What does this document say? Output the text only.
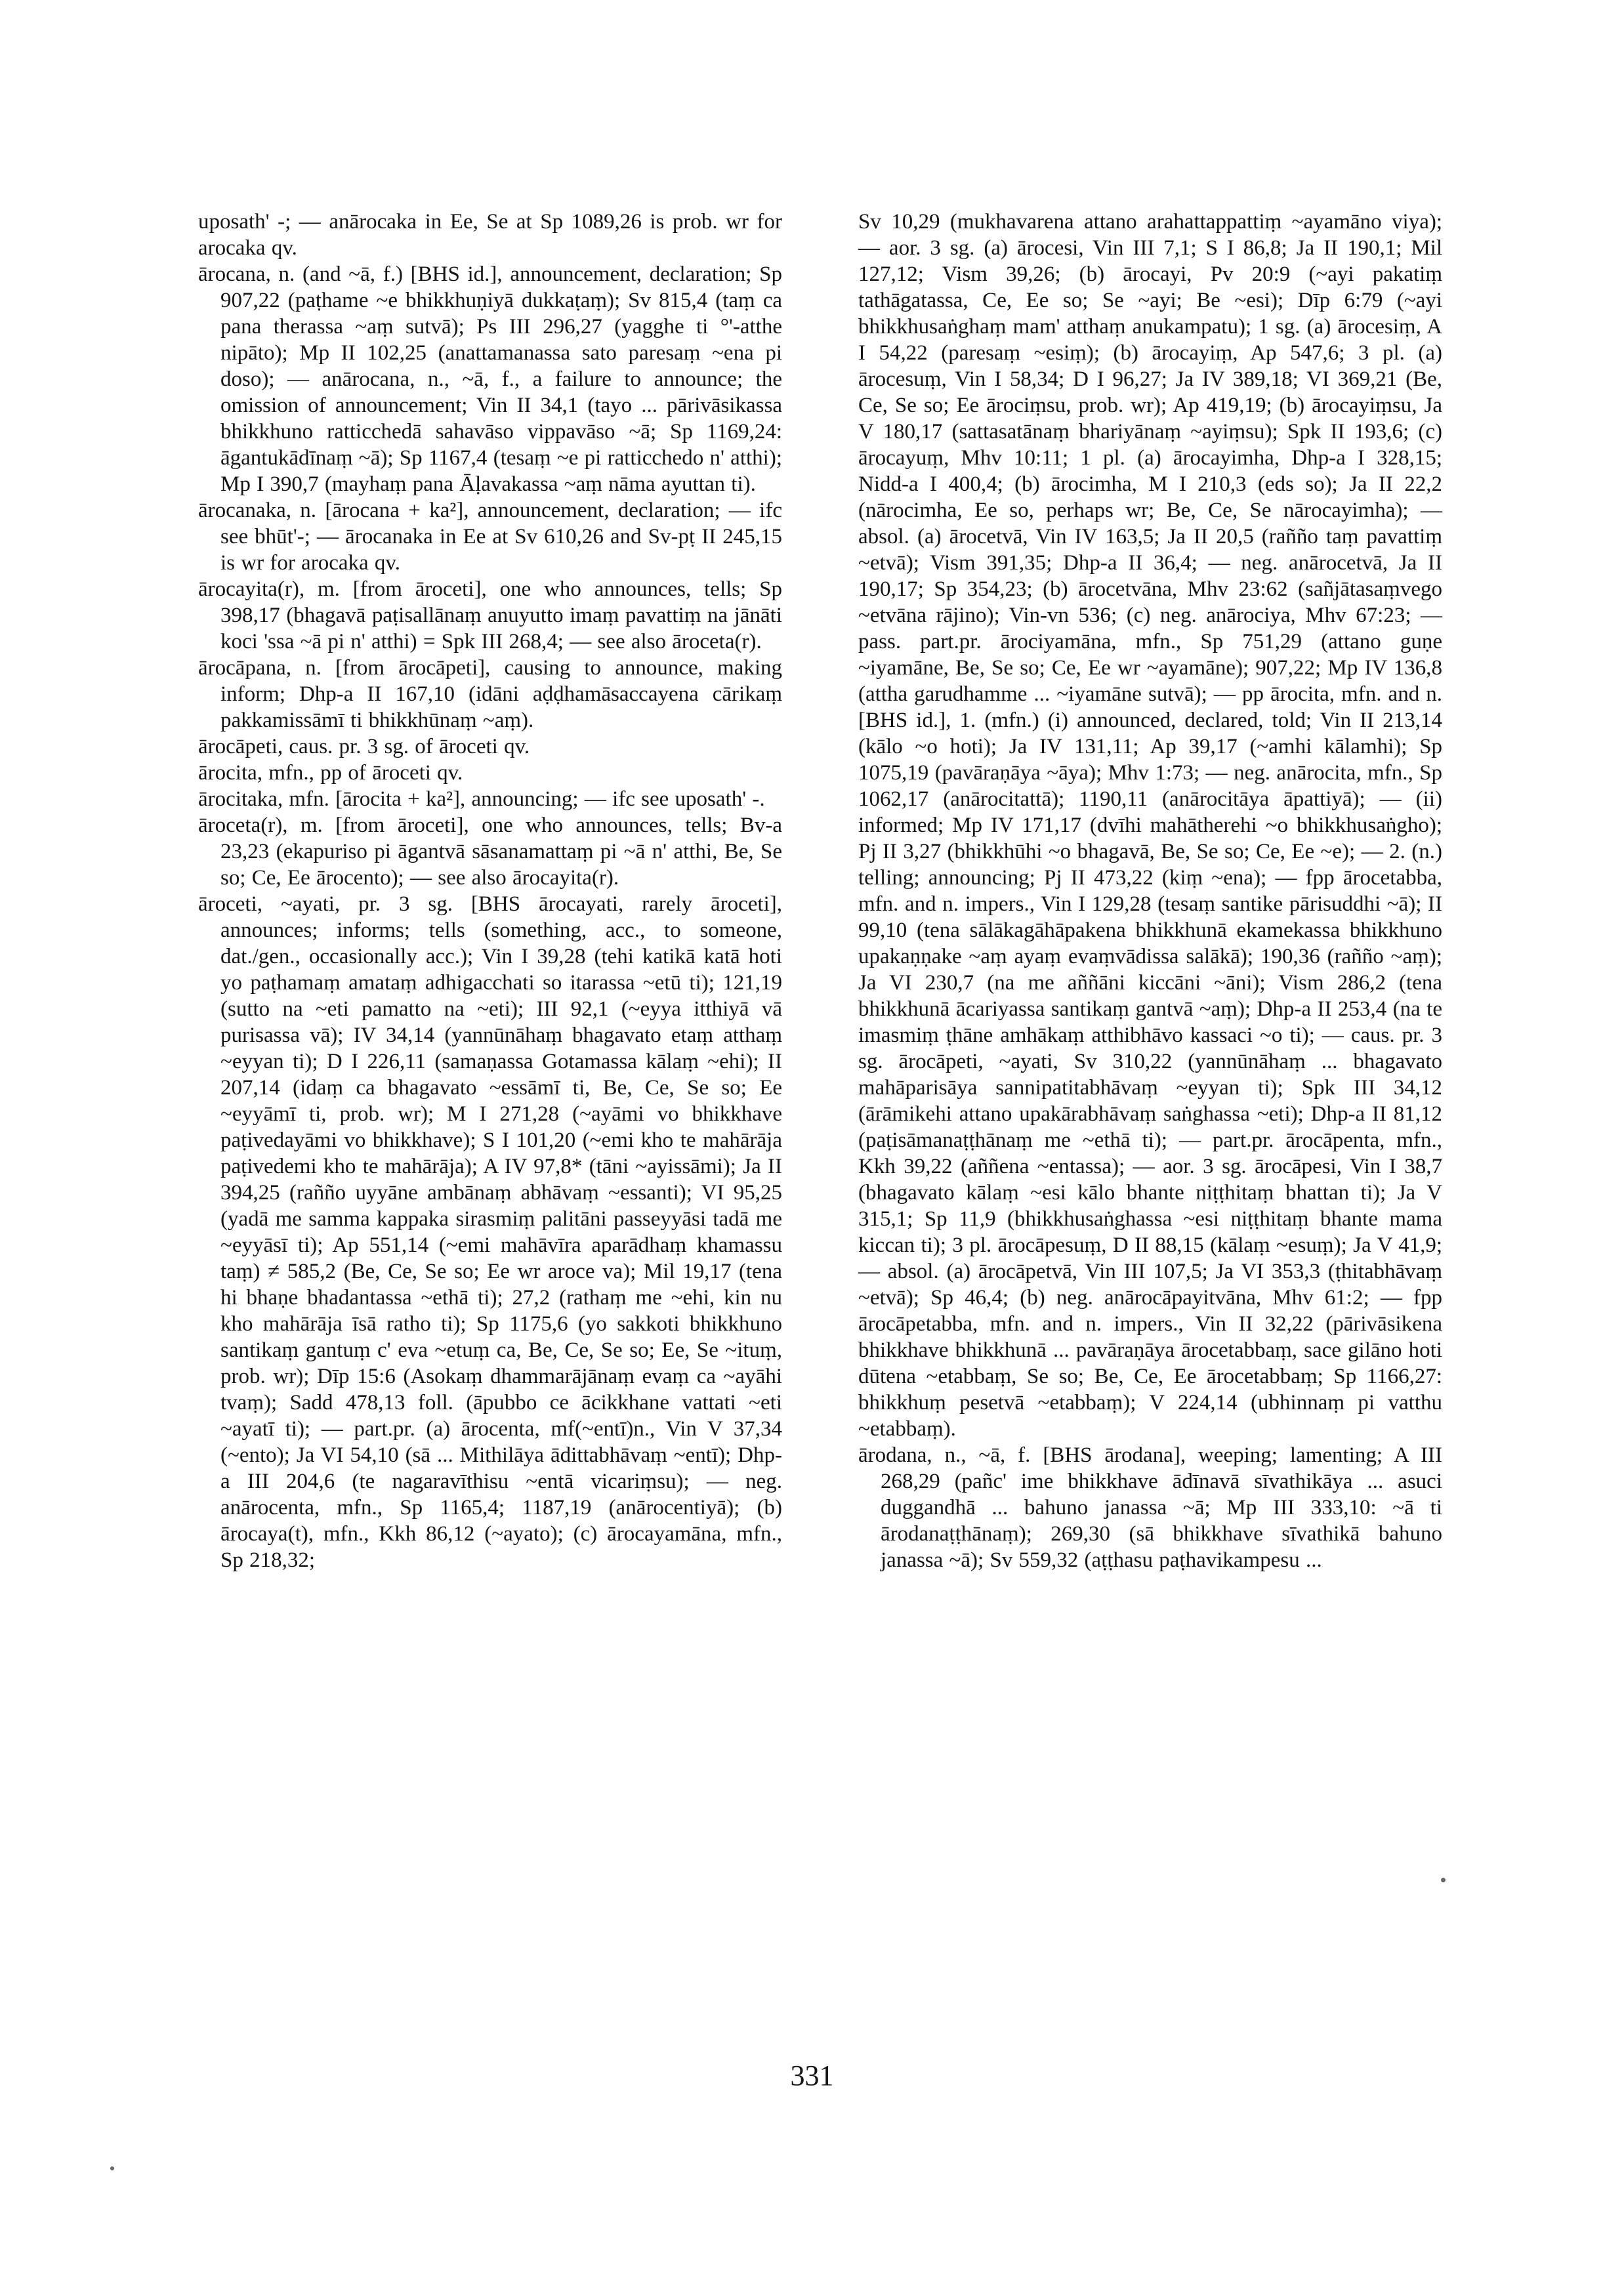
uposath' -; — anārocaka in Ee, Se at Sp 1089,26 is prob. wr for arocaka qv.

ārocana, n. (and ~ā, f.) [BHS id.], announcement, declaration; Sp 907,22 (paṭhame ~e bhikkhuṇiyā dukkaṭaṃ); Sv 815,4 (taṃ ca pana therassa ~aṃ sutvā); Ps III 296,27 (yagghe ti °'-atthe nipāto); Mp II 102,25 (anattamanassa sato paresaṃ ~ena pi doso); — anārocana, n., ~ā, f., a failure to announce; the omission of announcement; Vin II 34,1 (tayo ... pārivāsikassa bhikkhuno ratticchedā sahavāso vippavāso ~ā; Sp 1169,24: āgantukādīnaṃ ~ā); Sp 1167,4 (tesaṃ ~e pi ratticchedo n' atthi); Mp I 390,7 (mayhaṃ pana Āḷavakassa ~aṃ nāma ayuttan ti).

ārocanaka, n. [ārocana + ka²], announcement, declaration; — ifc see bhūt'-; — ārocanaka in Ee at Sv 610,26 and Sv-pṭ II 245,15 is wr for arocaka qv.

ārocayita(r), m. [from āroceti], one who announces, tells; Sp 398,17 (bhagavā paṭisallānaṃ anuyutto imaṃ pavattiṃ na jānāti koci 'ssa ~ā pi n' atthi) = Spk III 268,4; — see also āroceta(r).

ārocāpana, n. [from ārocāpeti], causing to announce, making inform; Dhp-a II 167,10 (idāni aḍḍhamāsaccayena cārikaṃ pakkamissāmī ti bhikkhūnaṃ ~aṃ).

ārocāpeti, caus. pr. 3 sg. of āroceti qv.

ārocita, mfn., pp of āroceti qv.

ārocitaka, mfn. [ārocita + ka²], announcing; — ifc see uposath' -.

āroceta(r), m. [from āroceti], one who announces, tells; Bv-a 23,23 (ekapuriso pi āgantvā sāsanamattaṃ pi ~ā n' atthi, Be, Se so; Ce, Ee ārocento); — see also ārocayita(r).

āroceti, ~ayati, pr. 3 sg. [BHS ārocayati, rarely āroceti], announces; informs; tells (something, acc., to someone, dat./gen., occasionally acc.); Vin I 39,28 (tehi katikā katā hoti yo paṭhamaṃ amataṃ adhigacchati so itarassa ~etū ti); 121,19 (sutto na ~eti pamatto na ~eti); III 92,1 (~eyya itthiyā vā purisassa vā); IV 34,14 (yannūnāhaṃ bhagavato etaṃ atthaṃ ~eyyan ti); D I 226,11 (samaṇassa Gotamassa kālaṃ ~ehi); II 207,14 (idaṃ ca bhagavato ~essāmī ti, Be, Ce, Se so; Ee ~eyyāmī ti, prob. wr); M I 271,28 (~ayāmi vo bhikkhave paṭivedayāmi vo bhikkhave); S I 101,20 (~emi kho te mahārāja paṭivedemi kho te mahārāja); A IV 97,8* (tāni ~ayissāmi); Ja II 394,25 (rañño uyyāne ambānaṃ abhāvaṃ ~essanti); VI 95,25 (yadā me samma kappaka sirasmiṃ palitāni passeyyāsi tadā me ~eyyāsī ti); Ap 551,14 (~emi mahāvīra aparādhaṃ khamassu taṃ) ≠ 585,2 (Be, Ce, Se so; Ee wr aroce va); Mil 19,17 (tena hi bhaṇe bhadantassa ~ethā ti); 27,2 (rathaṃ me ~ehi, kin nu kho mahārāja īsā ratho ti); Sp 1175,6 (yo sakkoti bhikkhuno santikaṃ gantuṃ c' eva ~etuṃ ca, Be, Ce, Se so; Ee, Se ~ituṃ, prob. wr); Dīp 15:6 (Asokaṃ dhammarājānaṃ evaṃ ca ~ayāhi tvaṃ); Sadd 478,13 foll. (āpubbo ce ācikkhane vattati ~eti ~ayatī ti); — part.pr. (a) ārocenta, mf(~entī)n., Vin V 37,34 (~ento); Ja VI 54,10 (sā ... Mithilāya ādittabhāvaṃ ~entī); Dhp-a III 204,6 (te nagaravīthisu ~entā vicariṃsu); — neg. anārocenta, mfn., Sp 1165,4; 1187,19 (anārocentiyā); (b) ārocaya(t), mfn., Kkh 86,12 (~ayato); (c) ārocayamāna, mfn., Sp 218,32;

Sv 10,29 (mukhavarena attano arahattappattiṃ ~ayamāno viya); — aor. 3 sg. (a) ārocesi, Vin III 7,1; S I 86,8; Ja II 190,1; Mil 127,12; Vism 39,26; (b) ārocayi, Pv 20:9 (~ayi pakatiṃ tathāgatassa, Ce, Ee so; Se ~ayi; Be ~esi); Dīp 6:79 (~ayi bhikkhusaṅghaṃ mam' atthaṃ anukampatu); 1 sg. (a) ārocesiṃ, A I 54,22 (paresaṃ ~esiṃ); (b) ārocayiṃ, Ap 547,6; 3 pl. (a) ārocesuṃ, Vin I 58,34; D I 96,27; Ja IV 389,18; VI 369,21 (Be, Ce, Se so; Ee ārociṃsu, prob. wr); Ap 419,19; (b) ārocayiṃsu, Ja V 180,17 (sattasatānaṃ bhariyānaṃ ~ayiṃsu); Spk II 193,6; (c) ārocayuṃ, Mhv 10:11; 1 pl. (a) ārocayimha, Dhp-a I 328,15; Nidd-a I 400,4; (b) ārocimha, M I 210,3 (eds so); Ja II 22,2 (nārocimha, Ee so, perhaps wr; Be, Ce, Se nārocayimha); — absol. (a) ārocetvā, Vin IV 163,5; Ja II 20,5 (rañño taṃ pavattiṃ ~etvā); Vism 391,35; Dhp-a II 36,4; — neg. anārocetvā, Ja II 190,17; Sp 354,23; (b) ārocetvāna, Mhv 23:62 (sañjātasaṃvego ~etvāna rājino); Vin-vn 536; (c) neg. anārociya, Mhv 67:23; — pass. part.pr. ārociyamāna, mfn., Sp 751,29 (attano guṇe ~iyamāne, Be, Se so; Ce, Ee wr ~ayamāne); 907,22; Mp IV 136,8 (attha garudhamme ... ~iyamāne sutvā); — pp ārocita, mfn. and n. [BHS id.], 1. (mfn.) (i) announced, declared, told; Vin II 213,14 (kālo ~o hoti); Ja IV 131,11; Ap 39,17 (~amhi kālamhi); Sp 1075,19 (pavāraṇāya ~āya); Mhv 1:73; — neg. anārocita, mfn., Sp 1062,17 (anārocitattā); 1190,11 (anārocitāya āpattiyā); — (ii) informed; Mp IV 171,17 (dvīhi mahātherehi ~o bhikkhusaṅgho); Pj II 3,27 (bhikkhūhi ~o bhagavā, Be, Se so; Ce, Ee ~e); — 2. (n.) telling; announcing; Pj II 473,22 (kiṃ ~ena); — fpp ārocetabba, mfn. and n. impers., Vin I 129,28 (tesaṃ santike pārisuddhi ~ā); II 99,10 (tena sālākagāhāpakena bhikkhunā ekamekassa bhikkhuno upakaṇṇake ~aṃ ayaṃ evaṃvādissa salākā); 190,36 (rañño ~aṃ); Ja VI 230,7 (na me aññāni kiccāni ~āni); Vism 286,2 (tena bhikkhunā ācariyassa santikaṃ gantvā ~aṃ); Dhp-a II 253,4 (na te imasmiṃ ṭhāne amhākaṃ atthibhāvo kassaci ~o ti); — caus. pr. 3 sg. ārocāpeti, ~ayati, Sv 310,22 (yannūnāhaṃ ... bhagavato mahāparisāya sannipatitabhāvaṃ ~eyyan ti); Spk III 34,12 (ārāmikehi attano upakārabhāvaṃ saṅghassa ~eti); Dhp-a II 81,12 (paṭisāmanaṭṭhānaṃ me ~ethā ti); — part.pr. ārocāpenta, mfn., Kkh 39,22 (aññena ~entassa); — aor. 3 sg. ārocāpesi, Vin I 38,7 (bhagavato kālaṃ ~esi kālo bhante niṭṭhitaṃ bhattan ti); Ja V 315,1; Sp 11,9 (bhikkhusaṅghassa ~esi niṭṭhitaṃ bhante mama kiccan ti); 3 pl. ārocāpesuṃ, D II 88,15 (kālaṃ ~esuṃ); Ja V 41,9; — absol. (a) ārocāpetvā, Vin III 107,5; Ja VI 353,3 (ṭhitabhāvaṃ ~etvā); Sp 46,4; (b) neg. anārocāpayitvāna, Mhv 61:2; — fpp ārocāpetabba, mfn. and n. impers., Vin II 32,22 (pārivāsikena bhikkhave bhikkhunā ... pavāraṇāya ārocetabbaṃ, sace gilāno hoti dūtena ~etabbaṃ, Se so; Be, Ce, Ee ārocetabbaṃ; Sp 1166,27: bhikkhuṃ pesetvā ~etabbaṃ); V 224,14 (ubhinnaṃ pi vatthu ~etabbaṃ).

ārodana, n., ~ā, f. [BHS ārodana], weeping; lamenting; A III 268,29 (pañc' ime bhikkhave ādīnavā sīvathikāya ... asuci duggandhā ... bahuno janassa ~ā; Mp III 333,10: ~ā ti ārodanaṭṭhānaṃ); 269,30 (sā bhikkhave sīvathikā bahuno janassa ~ā); Sv 559,32 (aṭṭhasu paṭhavikampesu ...

331
